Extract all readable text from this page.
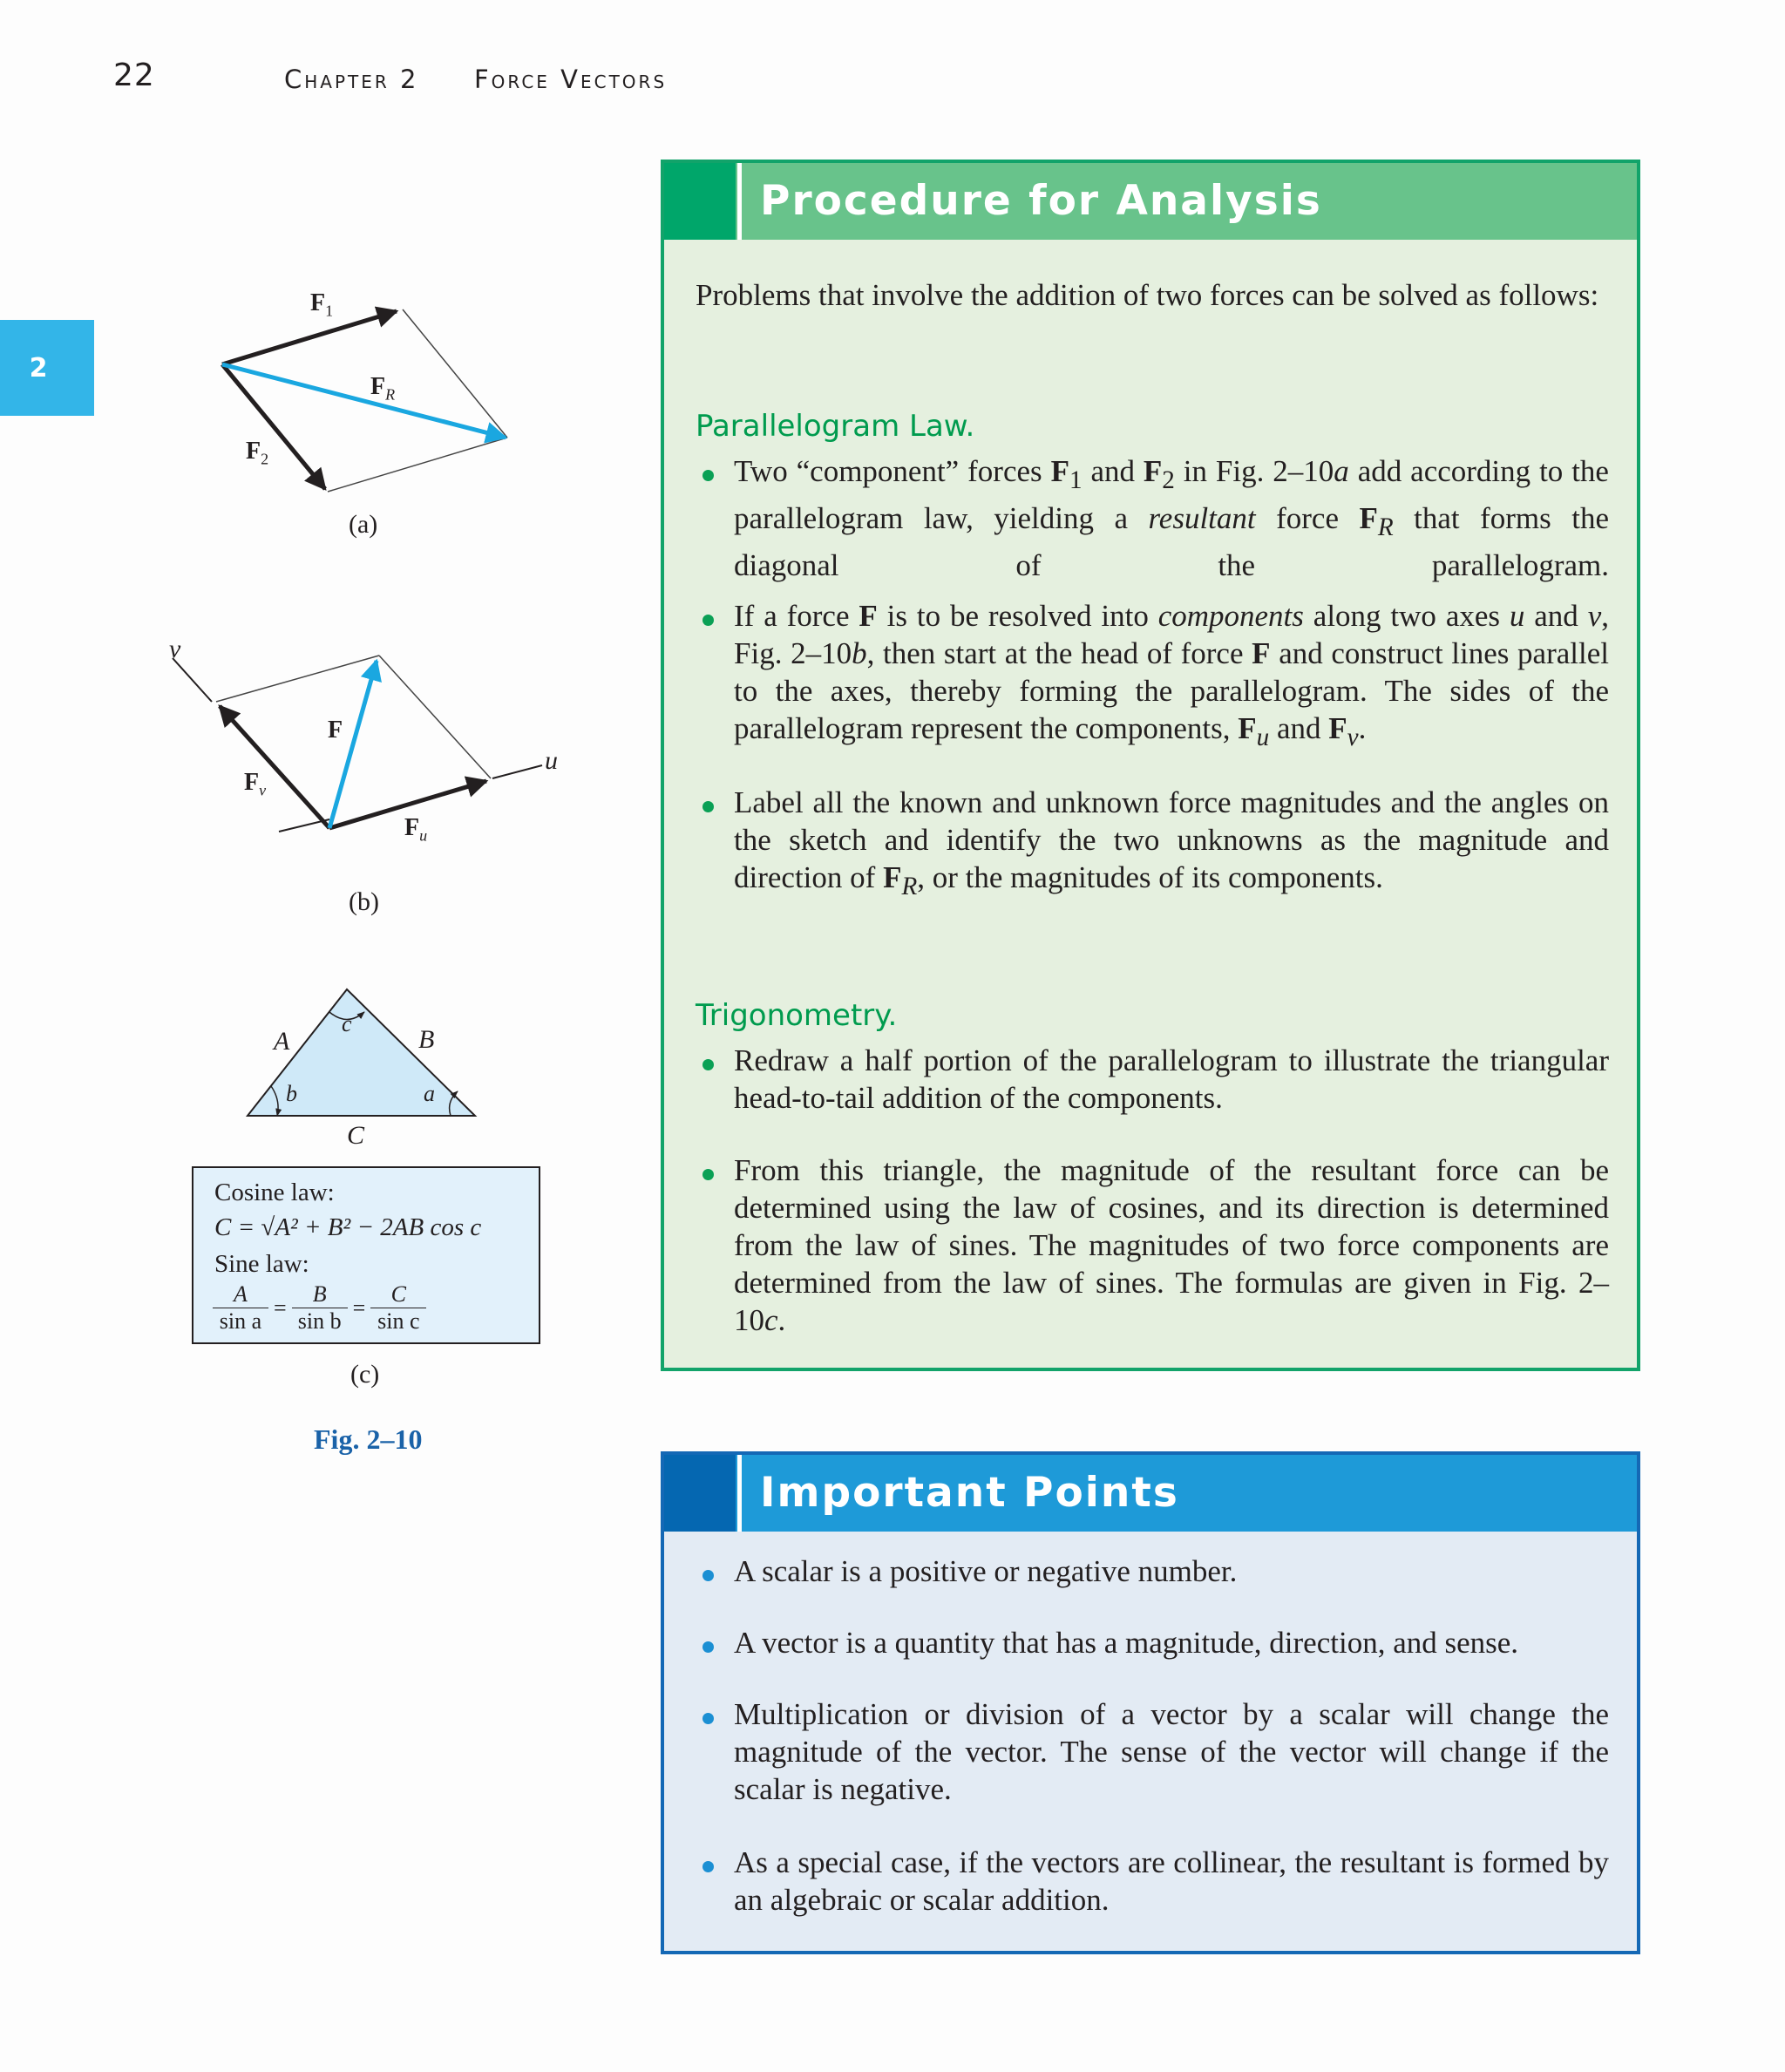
22	Chapter 2 Force Vectors
2
$F_1$
$F_R$
$F_2$
(a)
v
u
F
$F_v$
$F_u$
(b)
A	B
C
c
b	a
Cosine law:
C = √A² + B² − 2AB cos c
Sine law:
$\frac{A}{\text{sin a}} = \frac{B}{\text{sin b}} = \frac{C}{\text{sin c}}$
(c)
Fig. 2–10
Procedure for Analysis
Problems that involve the addition of two forces can be solved as follows:
Parallelogram Law.
Two “component” forces $F_1$ and $F_2$ in Fig. 2–10a add according to the parallelogram law, yielding a resultant force $F_R$ that forms the
diagonal of the parallelogram.
If a force F is to be resolved into components along two axes u and v, Fig. 2–10b, then start at the head of force F and construct lines parallel to the axes, thereby forming the parallelogram. The sides of the parallelogram represent the components, $F_u$ and $F_v$.
Label all the known and unknown force magnitudes and the angles on the sketch and identify the two unknowns as the magnitude and direction of $F_R$, or the magnitudes of its components.
Trigonometry.
Redraw a half portion of the parallelogram to illustrate the triangular head-to-tail addition of the components.
From this triangle, the magnitude of the resultant force can be determined using the law of cosines, and its direction is determined from the law of sines. The magnitudes of two force components are determined from the law of sines. The formulas are given in Fig. 2–10c.
Important Points
A scalar is a positive or negative number.
A vector is a quantity that has a magnitude, direction, and sense.
Multiplication or division of a vector by a scalar will change the magnitude of the vector. The sense of the vector will change if the scalar is negative.
As a special case, if the vectors are collinear, the resultant is formed by an algebraic or scalar addition.
